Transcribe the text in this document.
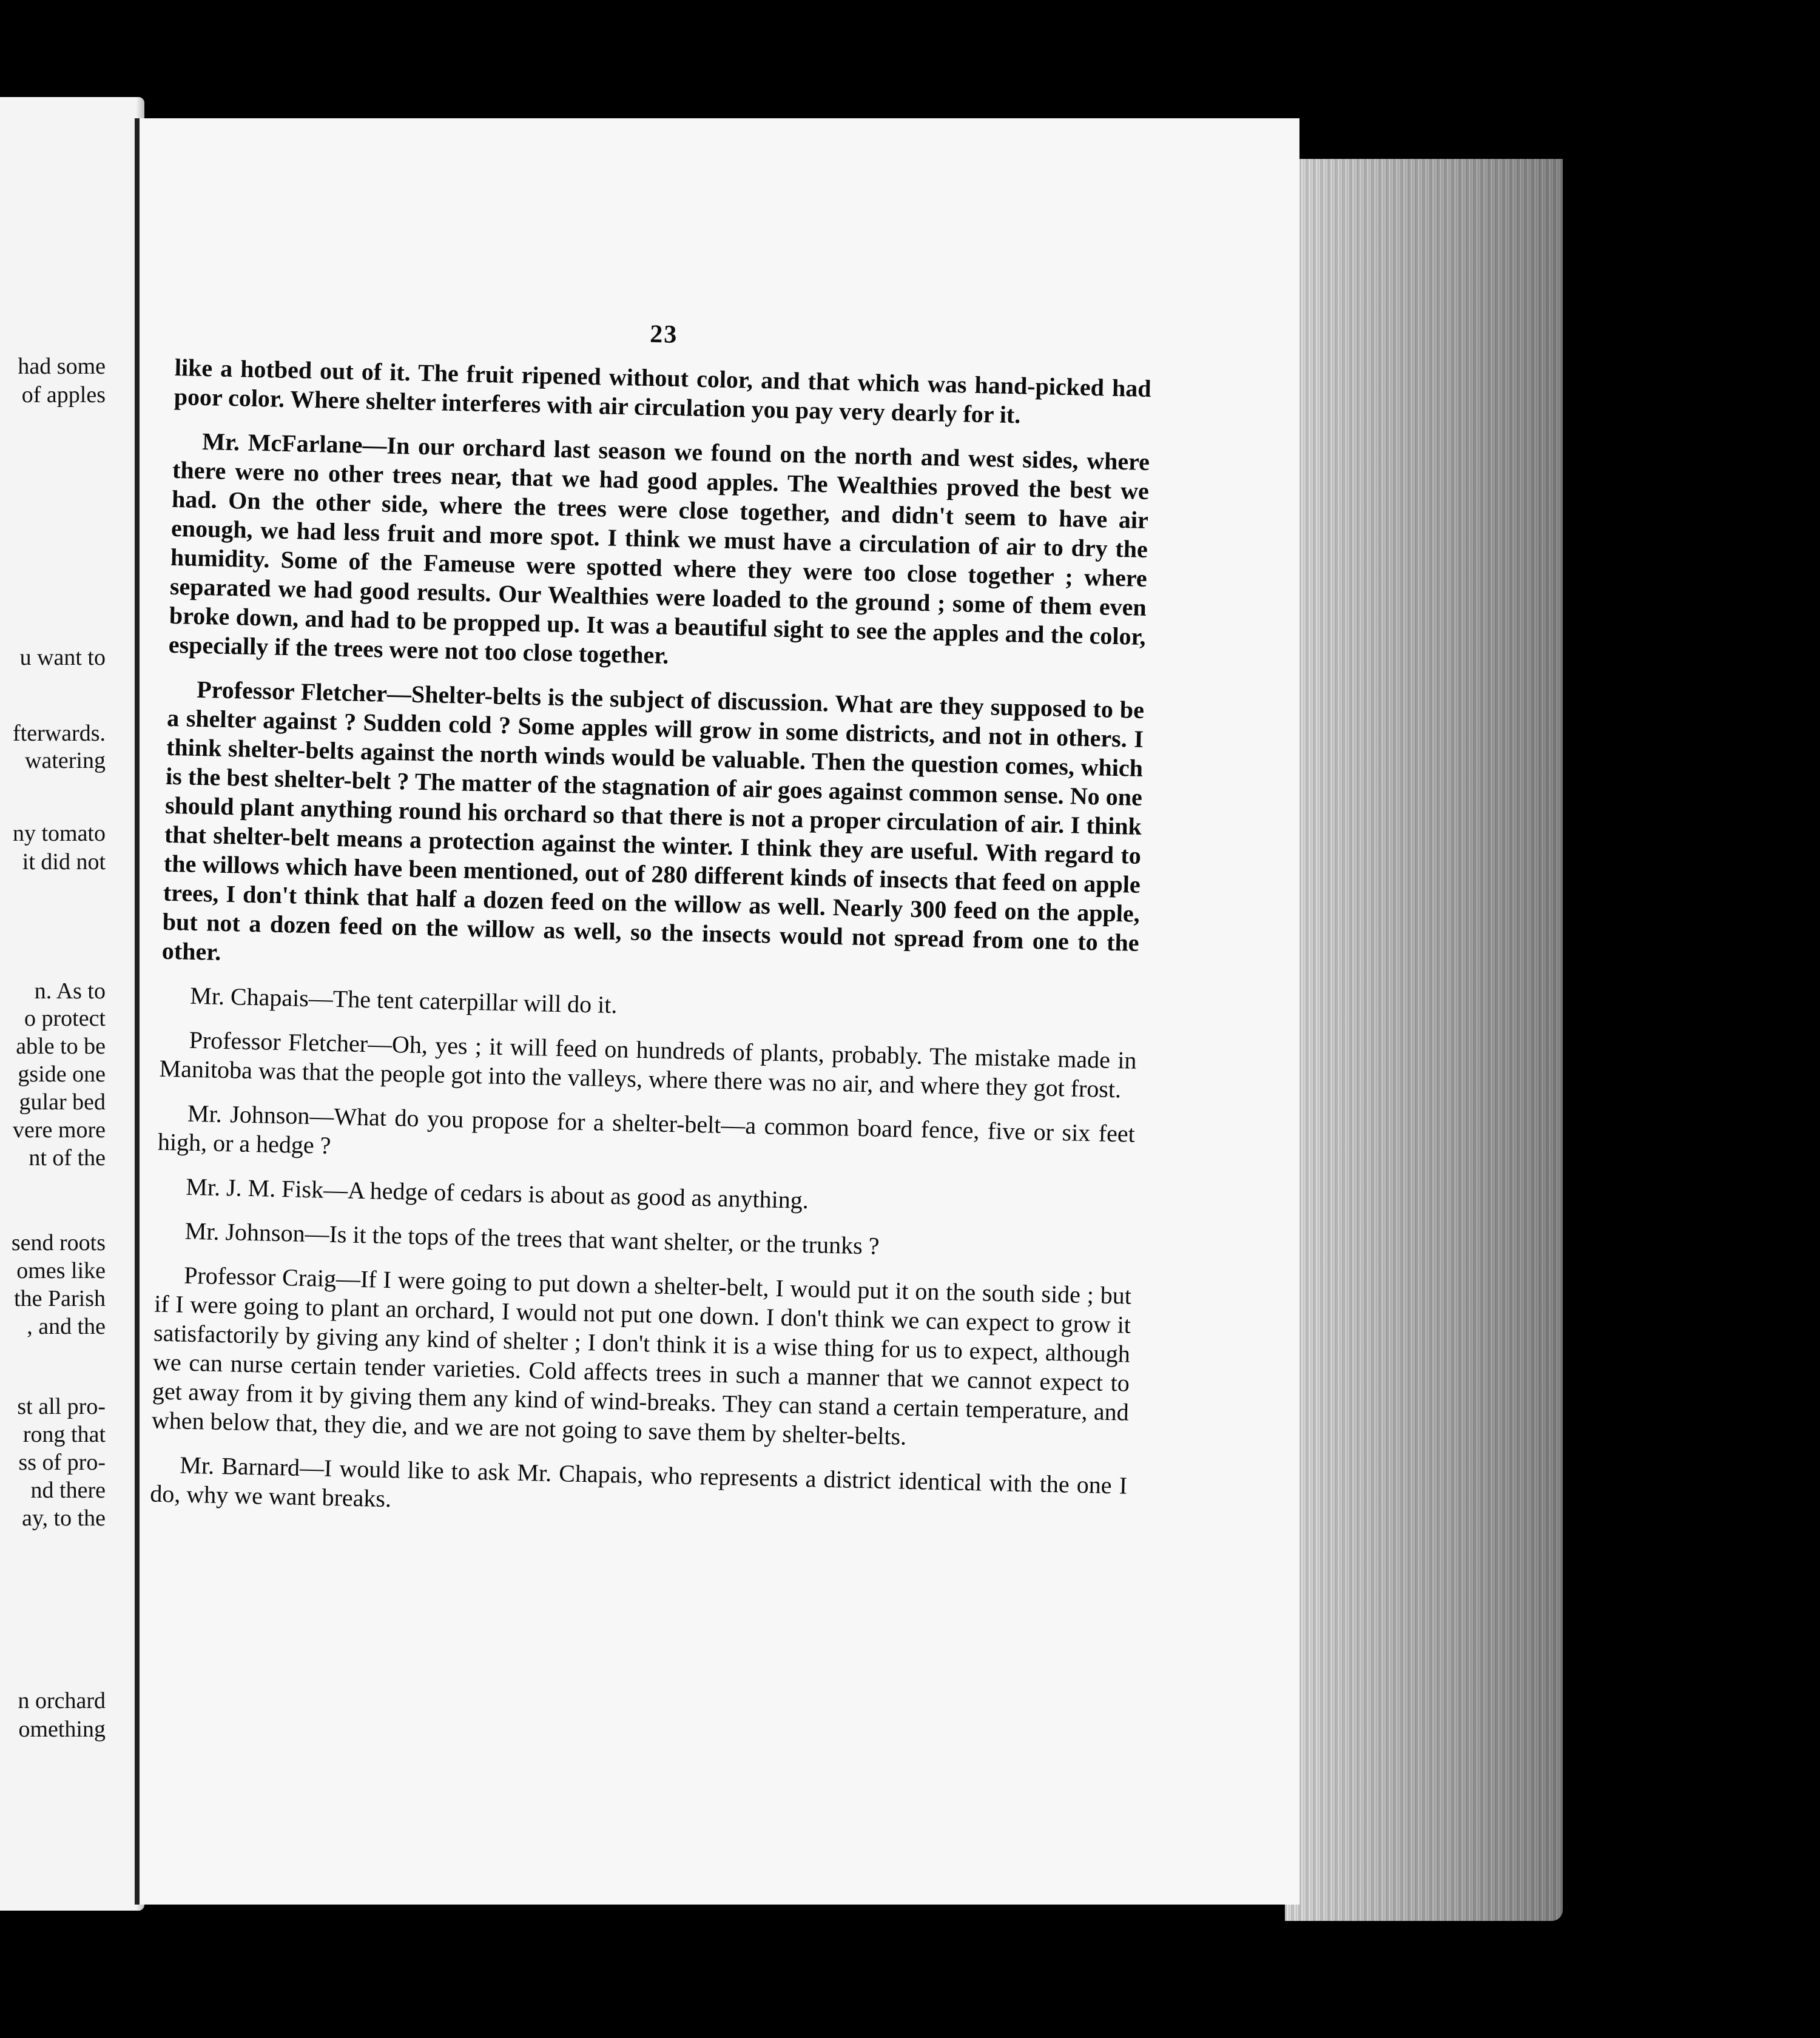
had some
of apples
u want to
fterwards.
watering
ny tomato
it did not
n. As to
o protect
able to be
gside one
gular bed
vere more
nt of the
send roots
omes like
the Parish
, and the
st all pro-
rong that
ss of pro-
nd there
ay, to the
n orchard
omething
23

like a hotbed out of it. The fruit ripened without color, and that which was hand-picked had poor color. Where shelter interferes with air circulation you pay very dearly for it.

Mr. McFarlane—In our orchard last season we found on the north and west sides, where there were no other trees near, that we had good apples. The Wealthies proved the best we had. On the other side, where the trees were close together, and didn't seem to have air enough, we had less fruit and more spot. I think we must have a circulation of air to dry the humidity. Some of the Fameuse were spotted where they were too close together ; where separated we had good results. Our Wealthies were loaded to the ground ; some of them even broke down, and had to be propped up. It was a beautiful sight to see the apples and the color, especially if the trees were not too close together.

Professor Fletcher—Shelter-belts is the subject of discussion. What are they supposed to be a shelter against ? Sudden cold ? Some apples will grow in some districts, and not in others. I think shelter-belts against the north winds would be valuable. Then the question comes, which is the best shelter-belt ? The matter of the stagnation of air goes against common sense. No one should plant anything round his orchard so that there is not a proper circulation of air. I think that shelter-belt means a protection against the winter. I think they are useful. With regard to the willows which have been mentioned, out of 280 different kinds of insects that feed on apple trees, I don't think that half a dozen feed on the willow as well. Nearly 300 feed on the apple, but not a dozen feed on the willow as well, so the insects would not spread from one to the other.

Mr. Chapais—The tent caterpillar will do it.

Professor Fletcher—Oh, yes ; it will feed on hundreds of plants, probably. The mistake made in Manitoba was that the people got into the valleys, where there was no air, and where they got frost.

Mr. Johnson—What do you propose for a shelter-belt—a common board fence, five or six feet high, or a hedge ?

Mr. J. M. Fisk—A hedge of cedars is about as good as anything.

Mr. Johnson—Is it the tops of the trees that want shelter, or the trunks ?

Professor Craig—If I were going to put down a shelter-belt, I would put it on the south side ; but if I were going to plant an orchard, I would not put one down. I don't think we can expect to grow it satisfactorily by giving any kind of shelter ; I don't think it is a wise thing for us to expect, although we can nurse certain tender varieties. Cold affects trees in such a manner that we cannot expect to get away from it by giving them any kind of wind-breaks. They can stand a certain temperature, and when below that, they die, and we are not going to save them by shelter-belts.

Mr. Barnard—I would like to ask Mr. Chapais, who represents a district identical with the one I do, why we want breaks.
